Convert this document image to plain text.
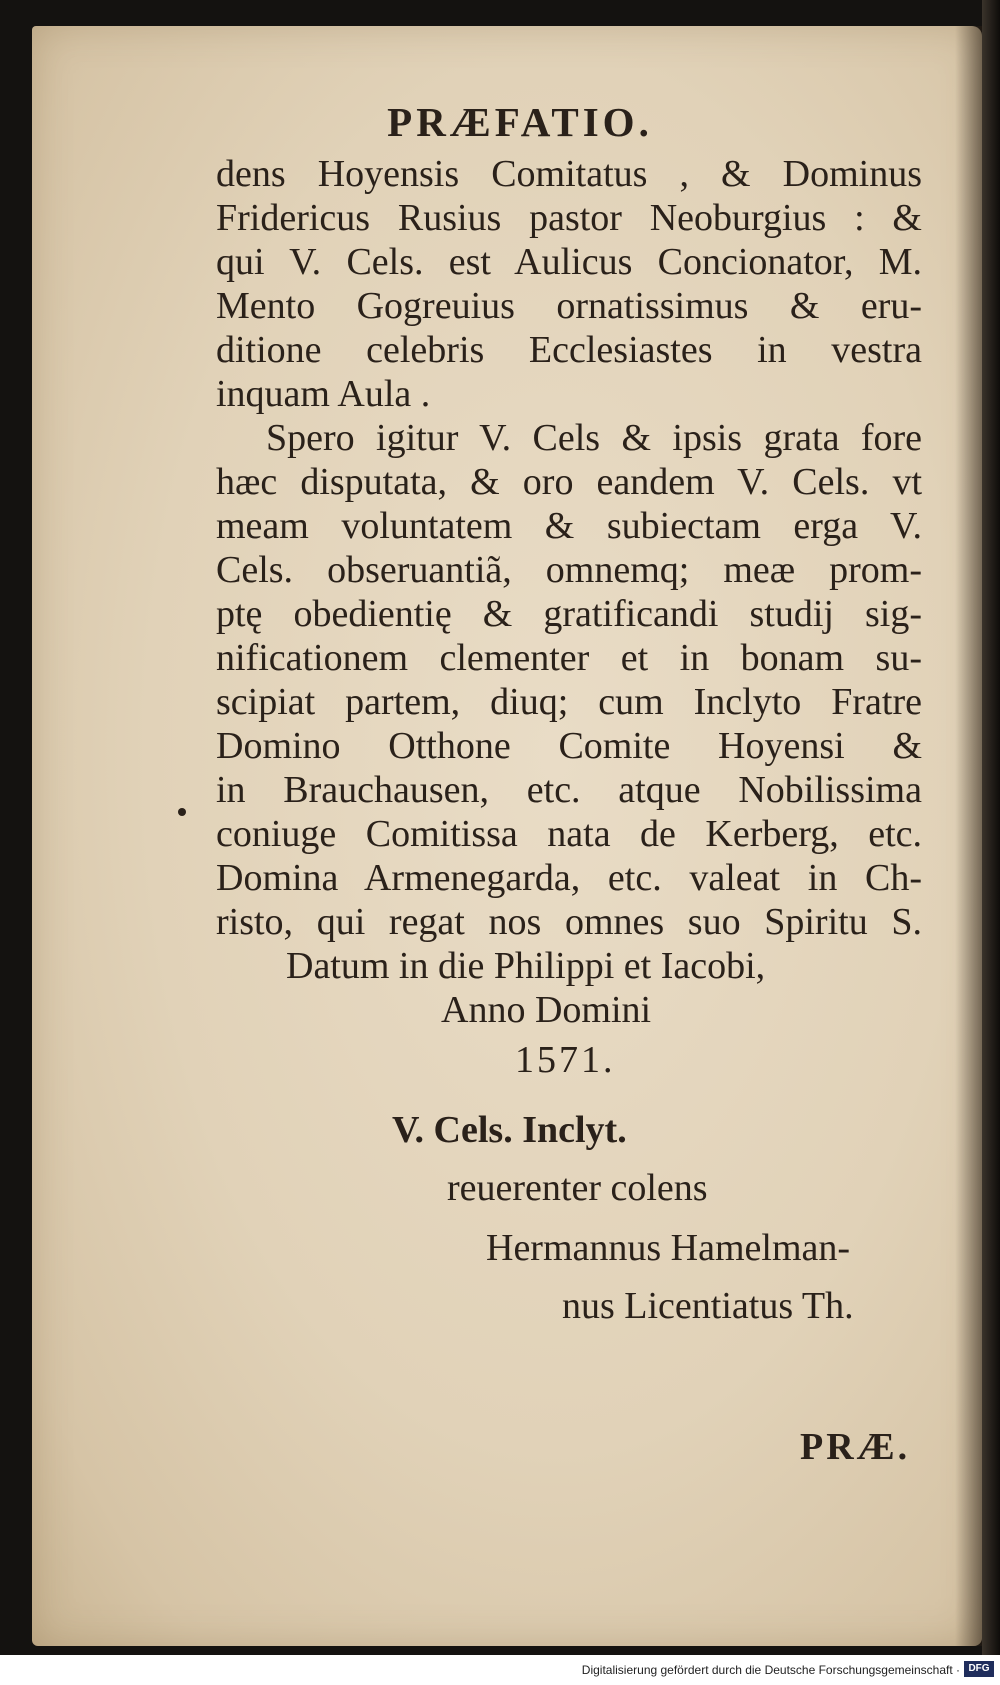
PRÆFATIO.
dens Hoyensis Comitatus , & Dominus
Fridericus Rusius pastor Neoburgius : &
qui V. Cels. est Aulicus Concionator, M.
Mento Gogreuius ornatissimus & eru-
ditione celebris Ecclesiastes in vestra
inquam Aula .
Spero igitur V. Cels & ipsis grata fore
hæc disputata, & oro eandem V. Cels. vt
meam voluntatem & subiectam erga V.
Cels. obseruantiã, omnemq; meæ prom-
ptę obedientię & gratificandi studij sig-
nificationem clementer et in bonam su-
scipiat partem, diuq; cum Inclyto Fratre
Domino Otthone Comite Hoyensi &
in Brauchausen, etc. atque Nobilissima
coniuge Comitissa nata de Kerberg, etc.
Domina Armenegarda, etc. valeat in Ch-
risto, qui regat nos omnes suo Spiritu S.
Datum in die Philippi et Iacobi,
Anno Domini
1571.
V. Cels. Inclyt.
reuerenter colens
Hermannus Hamelman-
nus Licentiatus Th.
PRÆ.
Digitalisierung gefördert durch die Deutsche Forschungsgemeinschaft · DFG
